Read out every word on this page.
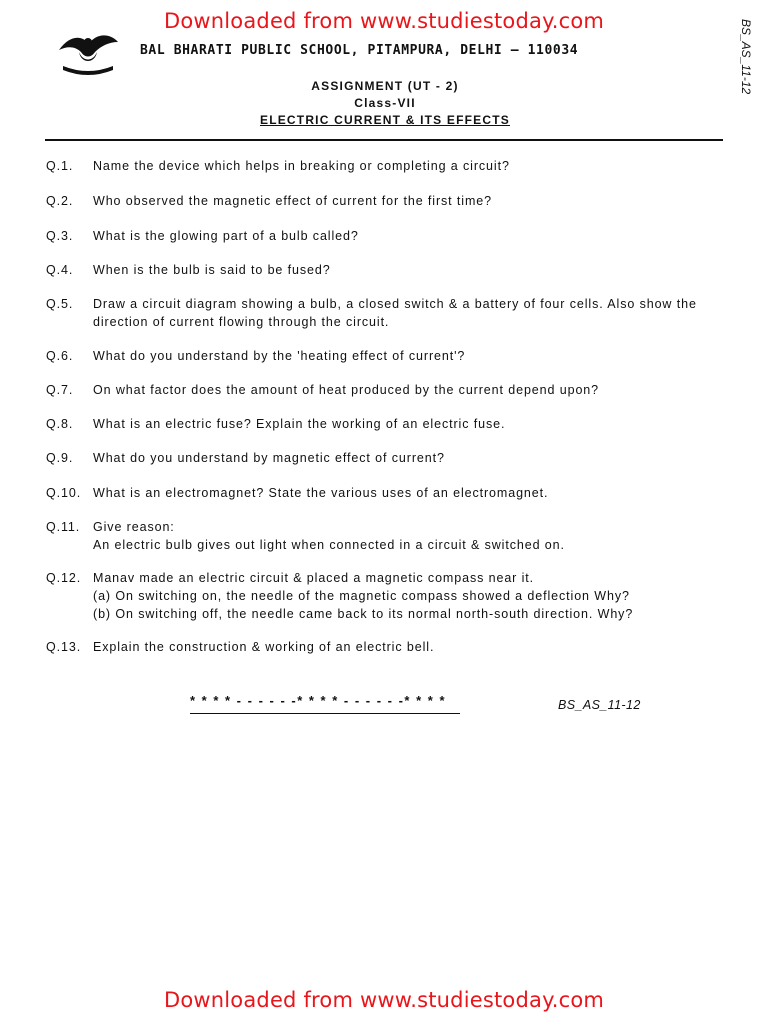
Downloaded from www.studiestoday.com	BS_AS_11-12
BAL BHARATI PUBLIC SCHOOL, PITAMPURA, DELHI – 110034
ASSIGNMENT (UT - 2)
Class-VII
ELECTRIC CURRENT & ITS EFFECTS
Q.1. Name the device which helps in breaking or completing a circuit?
Q.2. Who observed the magnetic effect of current for the first time?
Q.3. What is the glowing part of a bulb called?
Q.4. When is the bulb is said to be fused?
Q.5. Draw a circuit diagram showing a bulb, a closed switch & a battery of four cells. Also show the
direction of current flowing through the circuit.
Q.6. What do you understand by the 'heating effect of current'?
Q.7. On what factor does the amount of heat produced by the current depend upon?
Q.8. What is an electric fuse? Explain the working of an electric fuse.
Q.9. What do you understand by magnetic effect of current?
Q.10. What is an electromagnet? State the various uses of an electromagnet.
Q.11. Give reason:
An electric bulb gives out light when connected in a circuit & switched on.
Q.12. Manav made an electric circuit & placed a magnetic compass near it.
(a) On switching on, the needle of the magnetic compass showed a deflection Why?
(b) On switching off, the needle came back to its normal north-south direction. Why?
Q.13. Explain the construction & working of an electric bell.
* * * * - - - - - -* * * * - - - - - -* * * *	BS_AS_11-12
Downloaded from www.studiestoday.com
